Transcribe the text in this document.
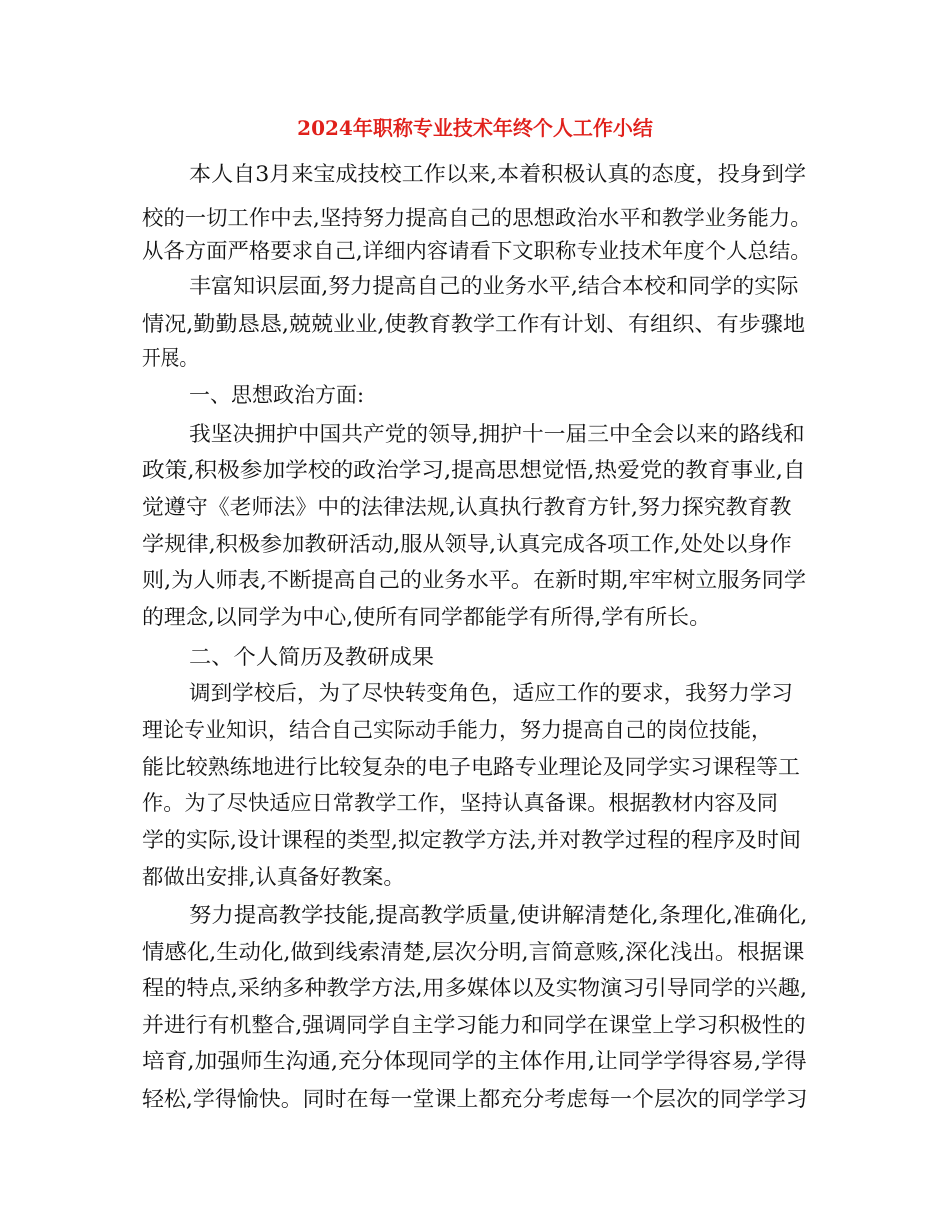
2024年职称专业技术年终个人工作小结
本人自3月来宝成技校工作以来,本着积极认真的态度，投身到学
校的一切工作中去,坚持努力提高自己的思想政治水平和教学业务能力。
从各方面严格要求自己,详细内容请看下文职称专业技术年度个人总结。
丰富知识层面,努力提高自己的业务水平,结合本校和同学的实际
情况,勤勤恳恳,兢兢业业,使教育教学工作有计划、有组织、有步骤地
开展。
一、思想政治方面:
我坚决拥护中国共产党的领导,拥护十一届三中全会以来的路线和
政策,积极参加学校的政治学习,提高思想觉悟,热爱党的教育事业,自
觉遵守《老师法》中的法律法规,认真执行教育方针,努力探究教育教
学规律,积极参加教研活动,服从领导,认真完成各项工作,处处以身作
则,为人师表,不断提高自己的业务水平。在新时期,牢牢树立服务同学
的理念,以同学为中心,使所有同学都能学有所得,学有所长。
二、个人简历及教研成果
调到学校后，为了尽快转变角色，适应工作的要求，我努力学习
理论专业知识，结合自己实际动手能力，努力提高自己的岗位技能，
能比较熟练地进行比较复杂的电子电路专业理论及同学实习课程等工
作。为了尽快适应日常教学工作，坚持认真备课。根据教材内容及同
学的实际,设计课程的类型,拟定教学方法,并对教学过程的程序及时间
都做出安排,认真备好教案。
努力提高教学技能,提高教学质量,使讲解清楚化,条理化,准确化,
情感化,生动化,做到线索清楚,层次分明,言简意赅,深化浅出。根据课
程的特点,采纳多种教学方法,用多媒体以及实物演习引导同学的兴趣,
并进行有机整合,强调同学自主学习能力和同学在课堂上学习积极性的
培育,加强师生沟通,充分体现同学的主体作用,让同学学得容易,学得
轻松,学得愉快。同时在每一堂课上都充分考虑每一个层次的同学学习
